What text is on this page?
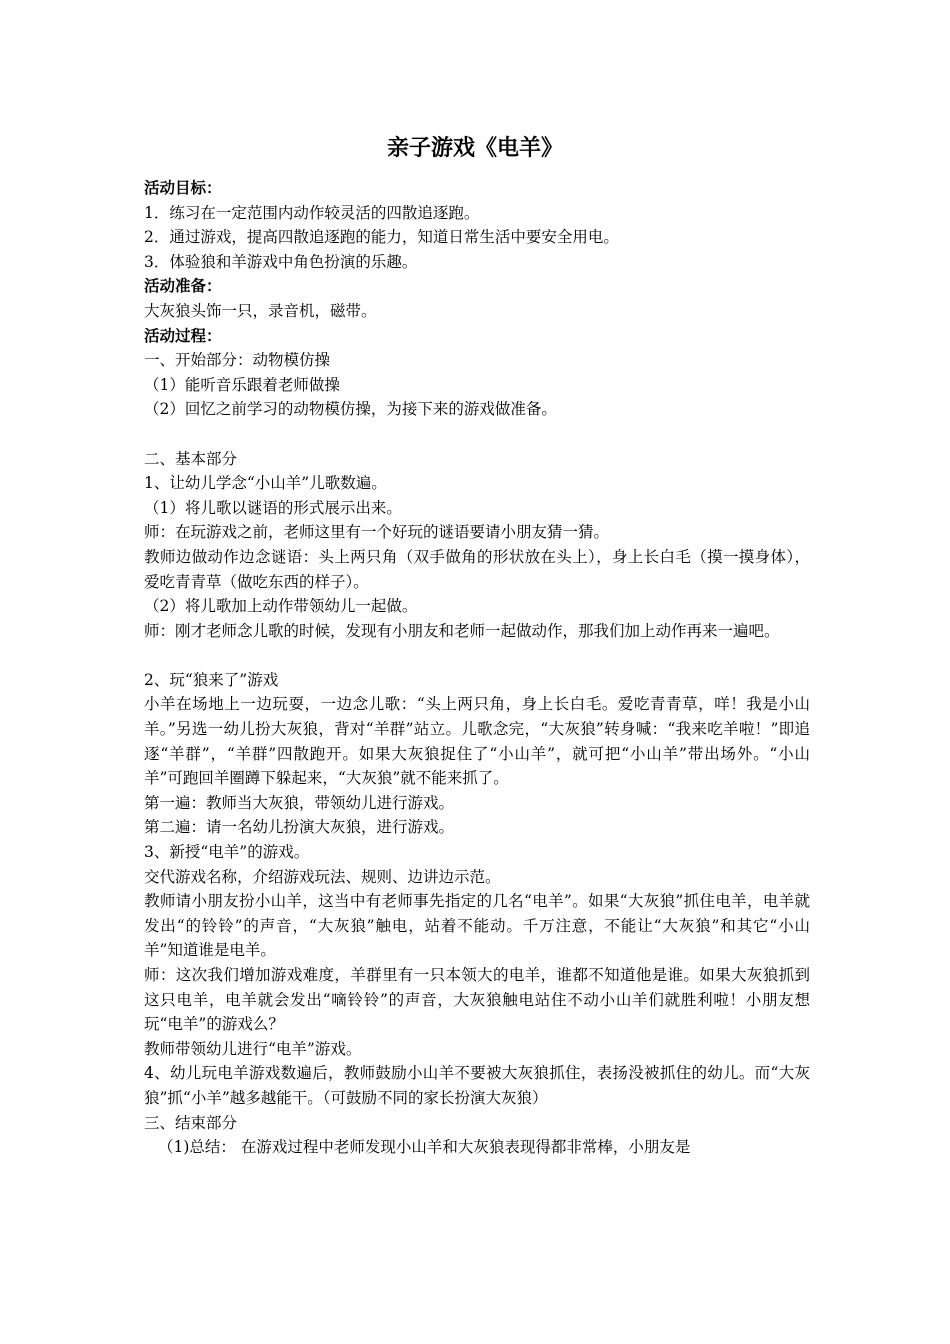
亲子游戏《电羊》

活动目标：

1．练习在一定范围内动作较灵活的四散追逐跑。

2．通过游戏，提高四散追逐跑的能力，知道日常生活中要安全用电。

3．体验狼和羊游戏中角色扮演的乐趣。

活动准备：

大灰狼头饰一只，录音机，磁带。

活动过程：

一、开始部分：动物模仿操

（1）能听音乐跟着老师做操

（2）回忆之前学习的动物模仿操，为接下来的游戏做准备。

二、基本部分

1、让幼儿学念“小山羊”儿歌数遍。

（1）将儿歌以谜语的形式展示出来。

师：在玩游戏之前，老师这里有一个好玩的谜语要请小朋友猜一猜。

教师边做动作边念谜语：头上两只角（双手做角的形状放在头上），身上长白毛（摸一摸身体），爱吃青青草（做吃东西的样子）。

（2）将儿歌加上动作带领幼儿一起做。

师：刚才老师念儿歌的时候，发现有小朋友和老师一起做动作，那我们加上动作再来一遍吧。

2、玩“狼来了”游戏

小羊在场地上一边玩耍，一边念儿歌：“头上两只角，身上长白毛。爱吃青青草，咩！我是小山羊。”另选一幼儿扮大灰狼，背对“羊群”站立。儿歌念完，“大灰狼”转身喊：“我来吃羊啦！”即追逐“羊群”，“羊群”四散跑开。如果大灰狼捉住了“小山羊”，就可把“小山羊”带出场外。“小山羊”可跑回羊圈蹲下躲起来，“大灰狼”就不能来抓了。

第一遍：教师当大灰狼，带领幼儿进行游戏。

第二遍：请一名幼儿扮演大灰狼，进行游戏。

3、新授“电羊”的游戏。

交代游戏名称，介绍游戏玩法、规则、边讲边示范。

教师请小朋友扮小山羊，这当中有老师事先指定的几名“电羊”。如果“大灰狼”抓住电羊，电羊就发出“的铃铃”的声音，“大灰狼”触电，站着不能动。千万注意，不能让“大灰狼”和其它“小山羊”知道谁是电羊。

师：这次我们增加游戏难度，羊群里有一只本领大的电羊，谁都不知道他是谁。如果大灰狼抓到这只电羊，电羊就会发出“嘀铃铃”的声音，大灰狼触电站住不动小山羊们就胜利啦！小朋友想玩“电羊”的游戏么？

教师带领幼儿进行“电羊”游戏。

4、幼儿玩电羊游戏数遍后，教师鼓励小山羊不要被大灰狼抓住，表扬没被抓住的幼儿。而“大灰狼”抓“小羊”越多越能干。（可鼓励不同的家长扮演大灰狼）

三、结束部分

（1)总结： 在游戏过程中老师发现小山羊和大灰狼表现得都非常棒，小朋友是
